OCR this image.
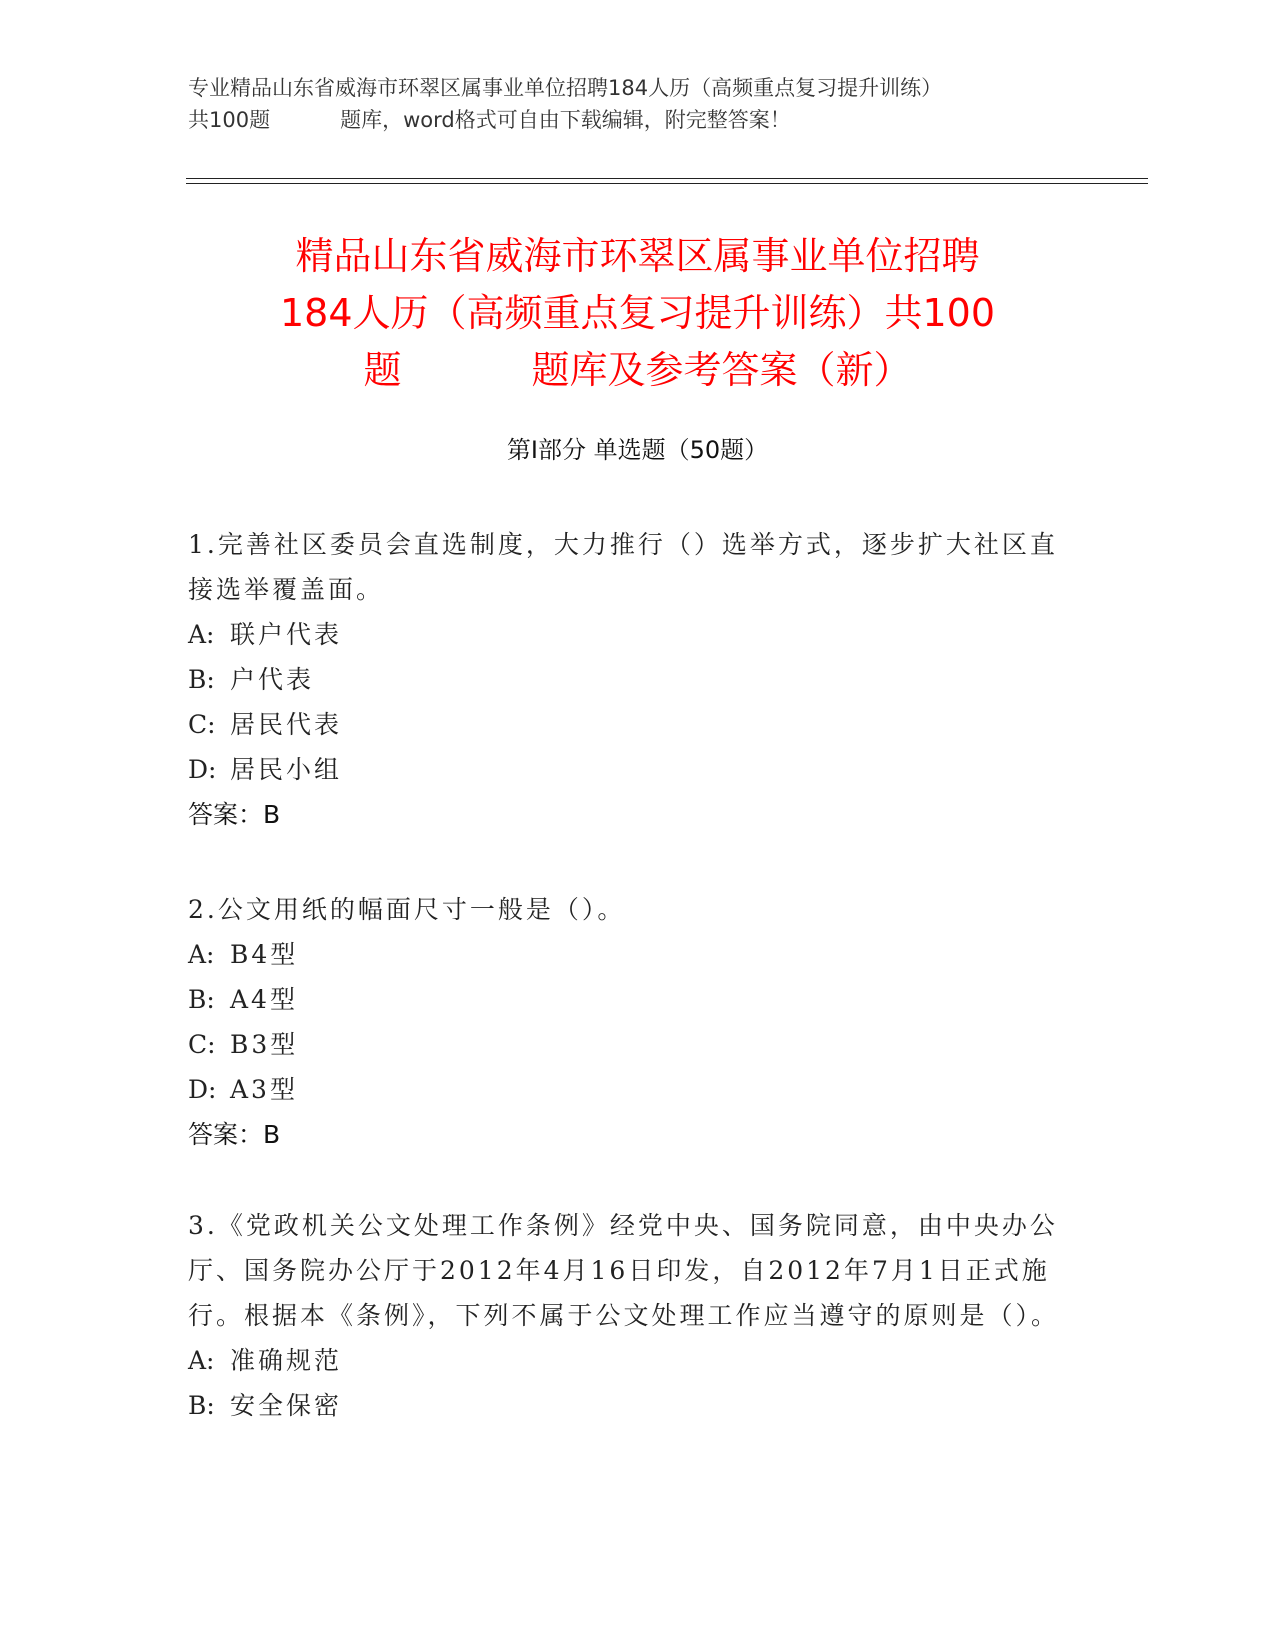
专业精品山东省威海市环翠区属事业单位招聘184人历（高频重点复习提升训练）
共100题	题库，word格式可自由下载编辑，附完整答案！
精品山东省威海市环翠区属事业单位招聘
184人历（高频重点复习提升训练）共100
题	题库及参考答案（新）
第Ⅰ部分 单选题（50题）
1.完善社区委员会直选制度，大力推行（）选举方式，逐步扩大社区直接选举覆盖面。
A: 联户代表
B: 户代表
C: 居民代表
D: 居民小组
答案：B
2.公文用纸的幅面尺寸一般是（）。
A: B4型
B: A4型
C: B3型
D: A3型
答案：B
3.《党政机关公文处理工作条例》经党中央、国务院同意，由中央办公厅、国务院办公厅于2012年4月16日印发，自2012年7月1日正式施行。根据本《条例》，下列不属于公文处理工作应当遵守的原则是（）。
A: 准确规范
B: 安全保密
